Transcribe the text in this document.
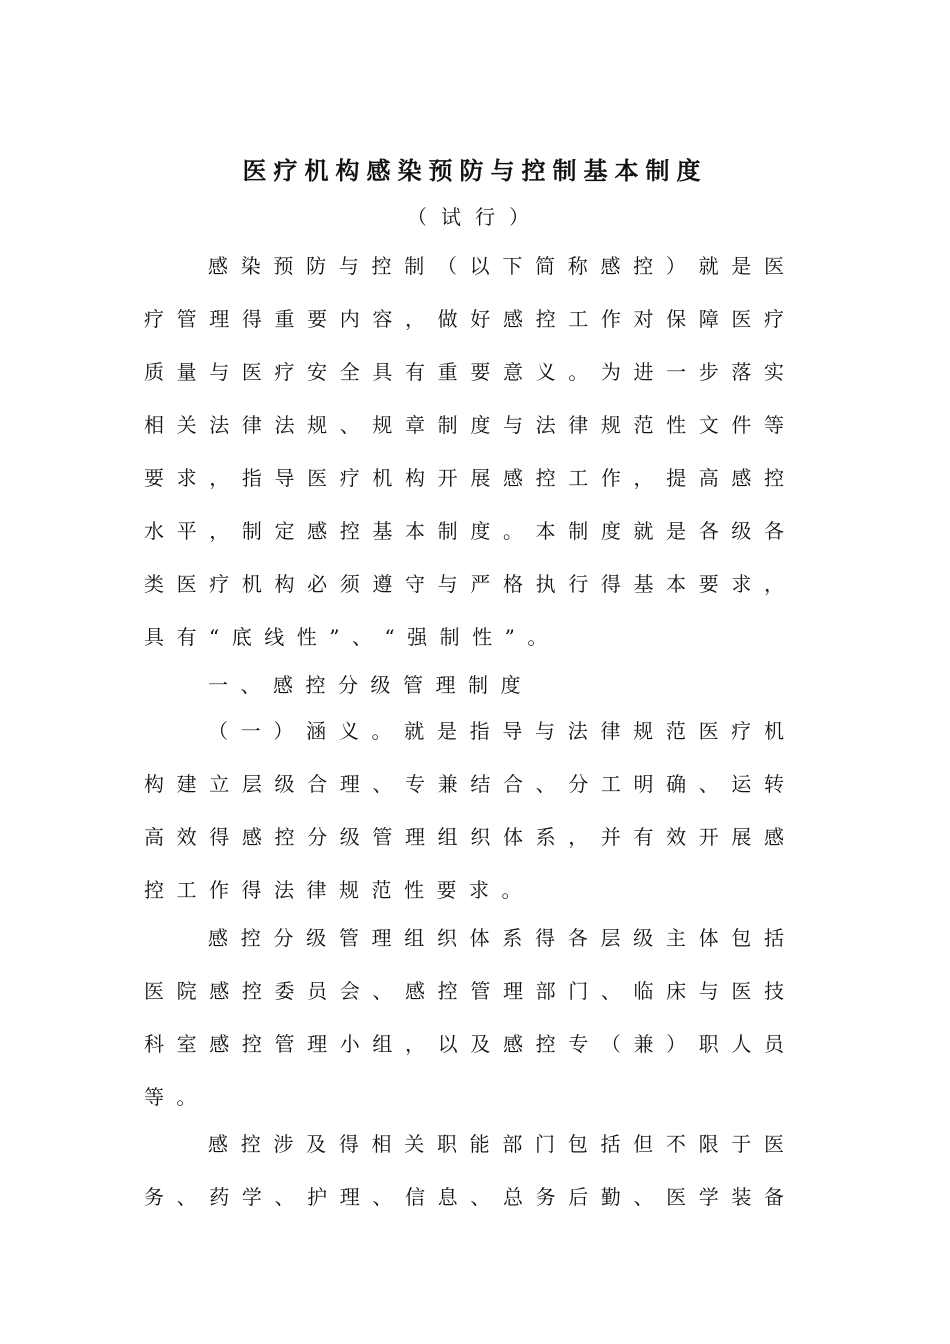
医疗机构感染预防与控制基本制度
（试行）
感染预防与控制（以下简称感控）就是医
疗管理得重要内容，做好感控工作对保障医疗
质量与医疗安全具有重要意义。为进一步落实
相关法律法规、规章制度与法律规范性文件等
要求，指导医疗机构开展感控工作，提高感控
水平，制定感控基本制度。本制度就是各级各
类医疗机构必须遵守与严格执行得基本要求，
具有“底线性”、“强制性”。
一、感控分级管理制度
（一）涵义。就是指导与法律规范医疗机
构建立层级合理、专兼结合、分工明确、运转
高效得感控分级管理组织体系，并有效开展感
控工作得法律规范性要求。
感控分级管理组织体系得各层级主体包括
医院感控委员会、感控管理部门、临床与医技
科室感控管理小组，以及感控专（兼）职人员
等。
感控涉及得相关职能部门包括但不限于医
务、药学、护理、信息、总务后勤、医学装备
